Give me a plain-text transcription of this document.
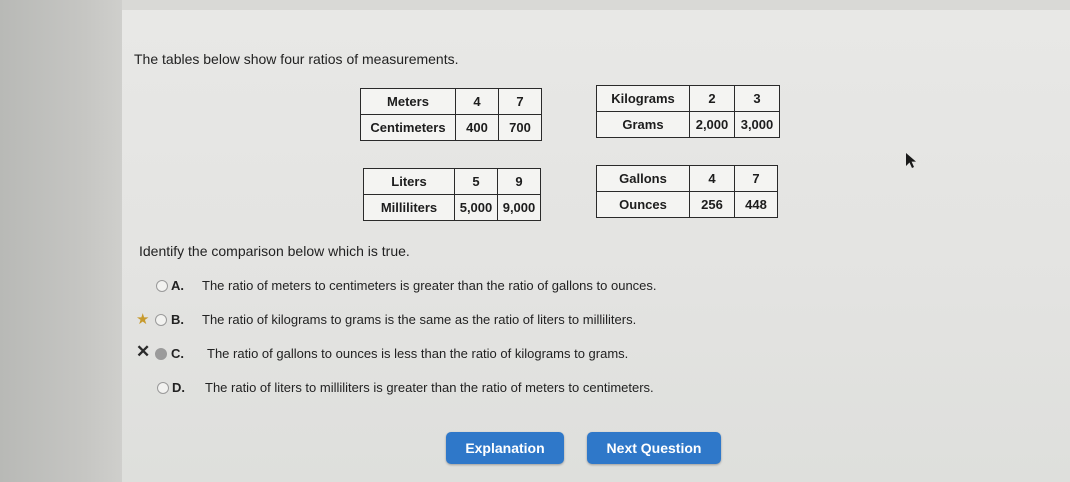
The tables below show four ratios of measurements.
Meters	4	7
Centimeters	400	700
Kilograms	2	3
Grams	2,000	3,000
Liters	5	9
Milliliters	5,000	9,000
Gallons	4	7
Ounces	256	448
Identify the comparison below which is true.
A. The ratio of meters to centimeters is greater than the ratio of gallons to ounces.
★ B. The ratio of kilograms to grams is the same as the ratio of liters to milliliters.
✕ C. The ratio of gallons to ounces is less than the ratio of kilograms to grams.
D. The ratio of liters to milliliters is greater than the ratio of meters to centimeters.
Explanation	Next Question
